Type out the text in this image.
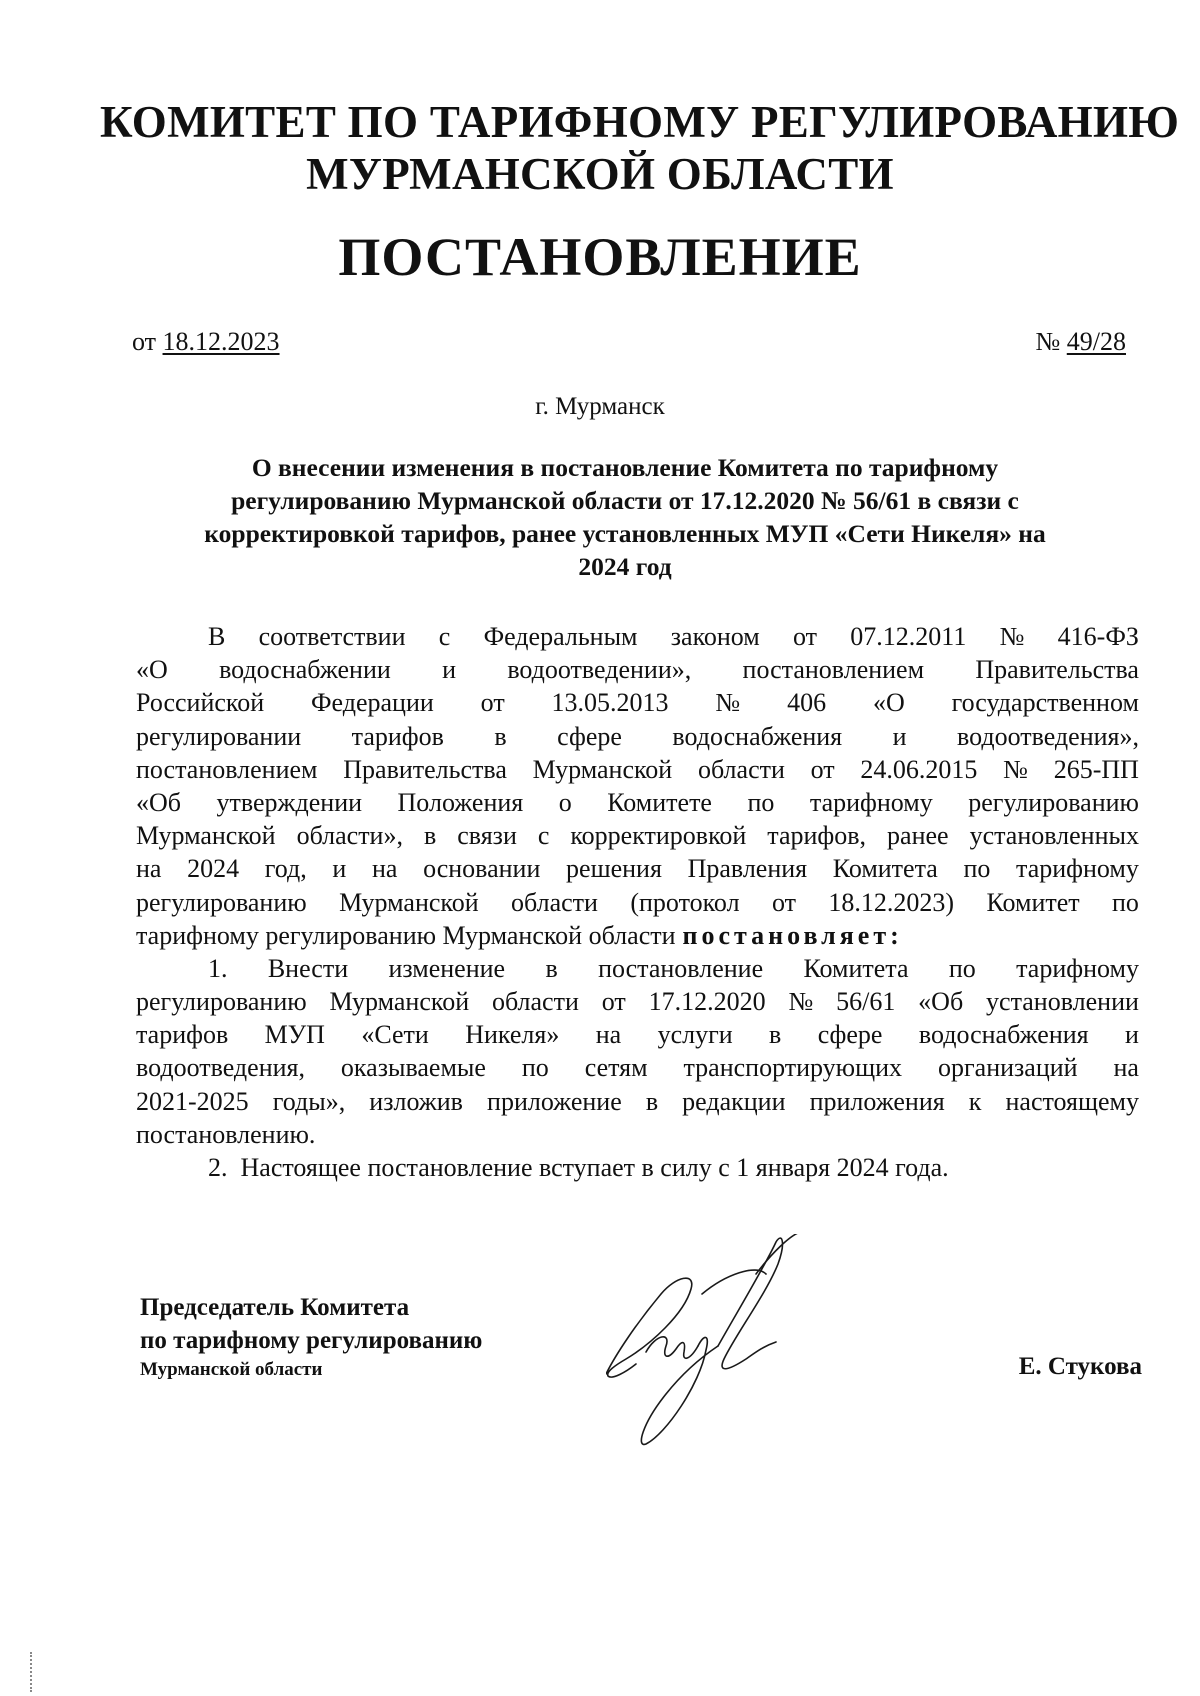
КОМИТЕТ ПО ТАРИФНОМУ РЕГУЛИРОВАНИЮ
МУРМАНСКОЙ ОБЛАСТИ
ПОСТАНОВЛЕНИЕ
от 18.12.2023	№ 49/28
г. Мурманск
О внесении изменения в постановление Комитета по тарифному
регулированию Мурманской области от 17.12.2020 № 56/61 в связи с
корректировкой тарифов, ранее установленных МУП «Сети Никеля» на
2024 год
В соответствии с Федеральным законом от 07.12.2011 № 416-ФЗ
«О водоснабжении и водоотведении», постановлением Правительства
Российской Федерации от 13.05.2013 № 406 «О государственном
регулировании тарифов в сфере водоснабжения и водоотведения»,
постановлением Правительства Мурманской области от 24.06.2015 № 265-ПП
«Об утверждении Положения о Комитете по тарифному регулированию
Мурманской области», в связи с корректировкой тарифов, ранее установленных
на 2024 год, и на основании решения Правления Комитета по тарифному
регулированию Мурманской области (протокол от 18.12.2023) Комитет по
тарифному регулированию Мурманской области постановляет:
1. Внести изменение в постановление Комитета по тарифному
регулированию Мурманской области от 17.12.2020 № 56/61 «Об установлении
тарифов МУП «Сети Никеля» на услуги в сфере водоснабжения и
водоотведения, оказываемые по сетям транспортирующих организаций на
2021-2025 годы», изложив приложение в редакции приложения к настоящему
постановлению.
2.  Настоящее постановление вступает в силу с 1 января 2024 года.
Председатель Комитета
по тарифному регулированию
Мурманской области	Е. Стукова
